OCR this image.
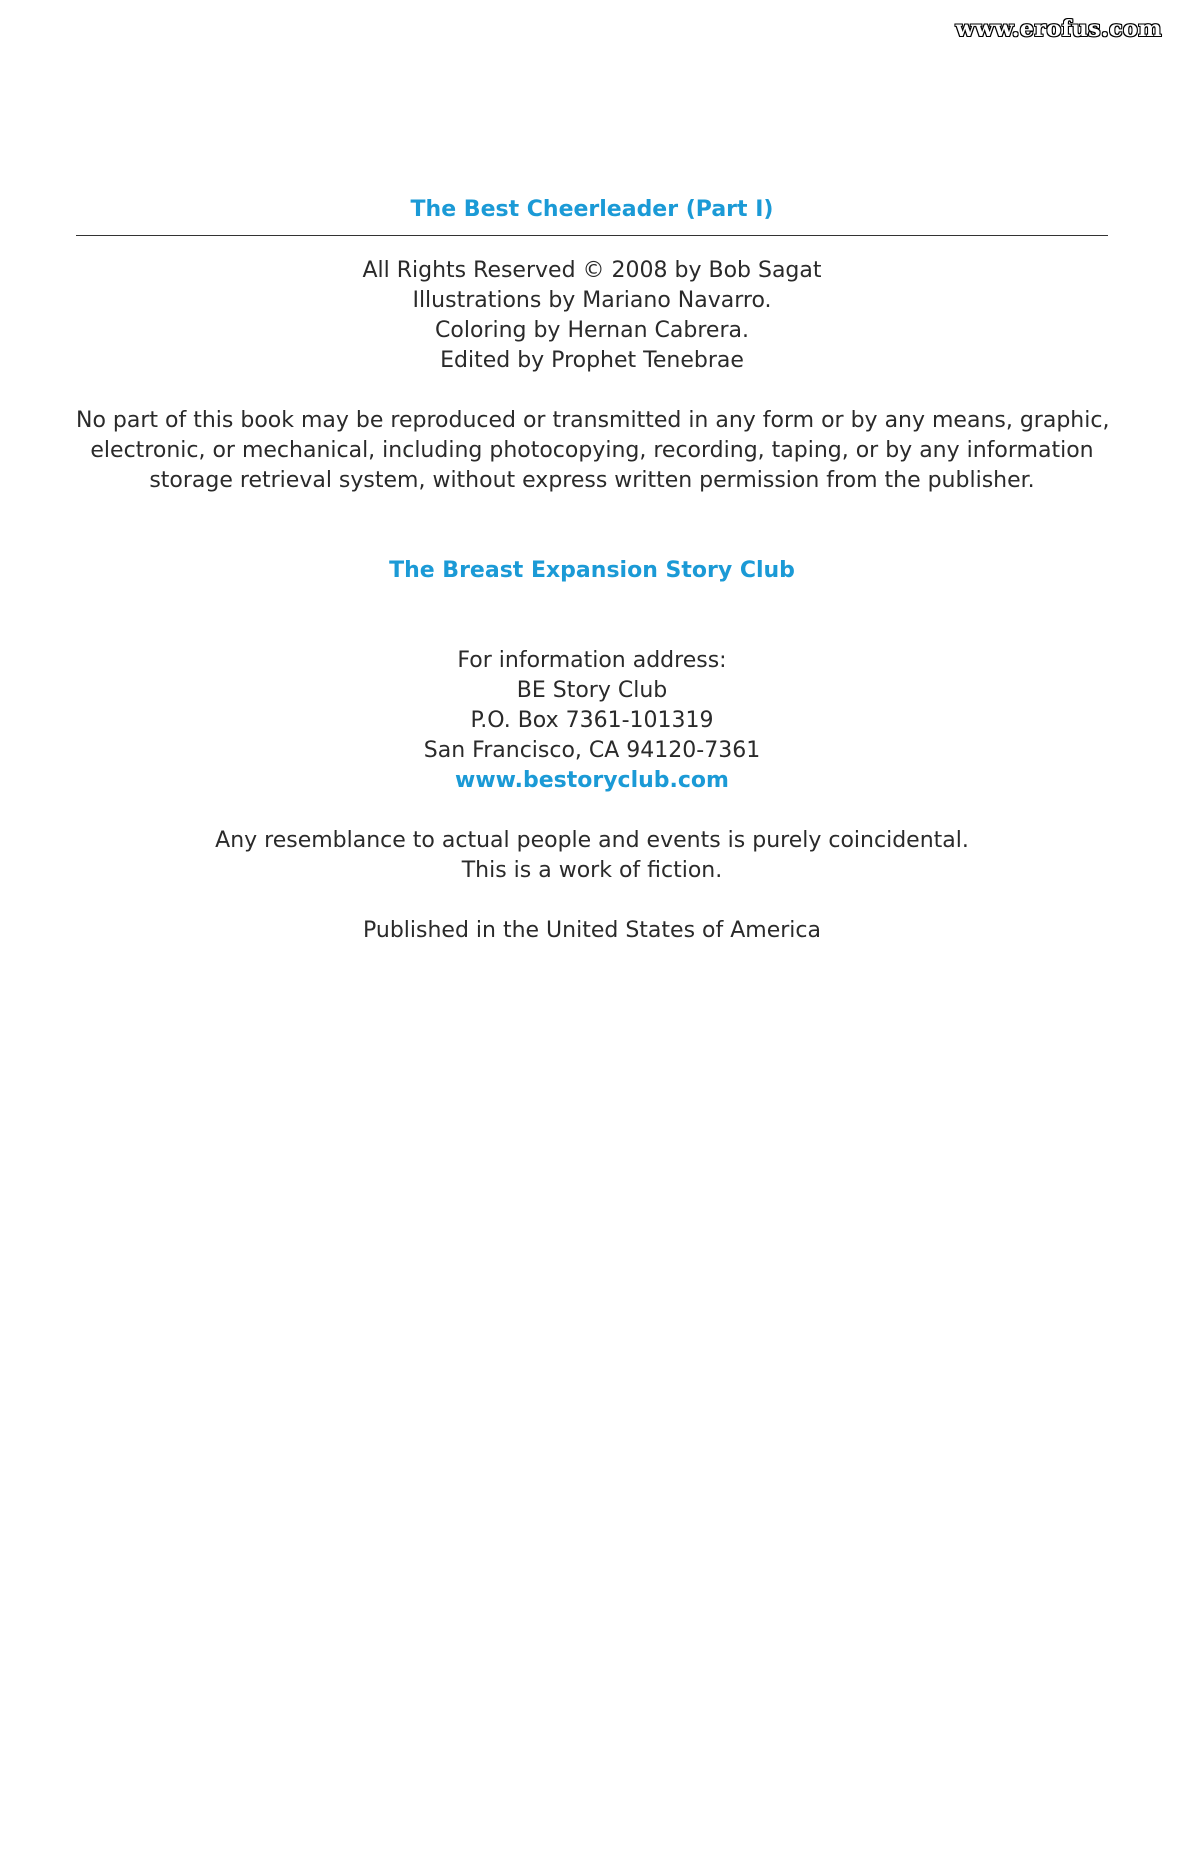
www.erofus.com
The Best Cheerleader (Part I)
All Rights Reserved © 2008 by Bob Sagat
Illustrations by Mariano Navarro.
Coloring by Hernan Cabrera.
Edited by Prophet Tenebrae
No part of this book may be reproduced or transmitted in any form or by any means, graphic,
electronic, or mechanical, including photocopying, recording, taping, or by any information
storage retrieval system, without express written permission from the publisher.
The Breast Expansion Story Club
For information address:
BE Story Club
P.O. Box 7361-101319
San Francisco, CA 94120-7361
www.bestoryclub.com
Any resemblance to actual people and events is purely coincidental.
This is a work of fiction.
Published in the United States of America
